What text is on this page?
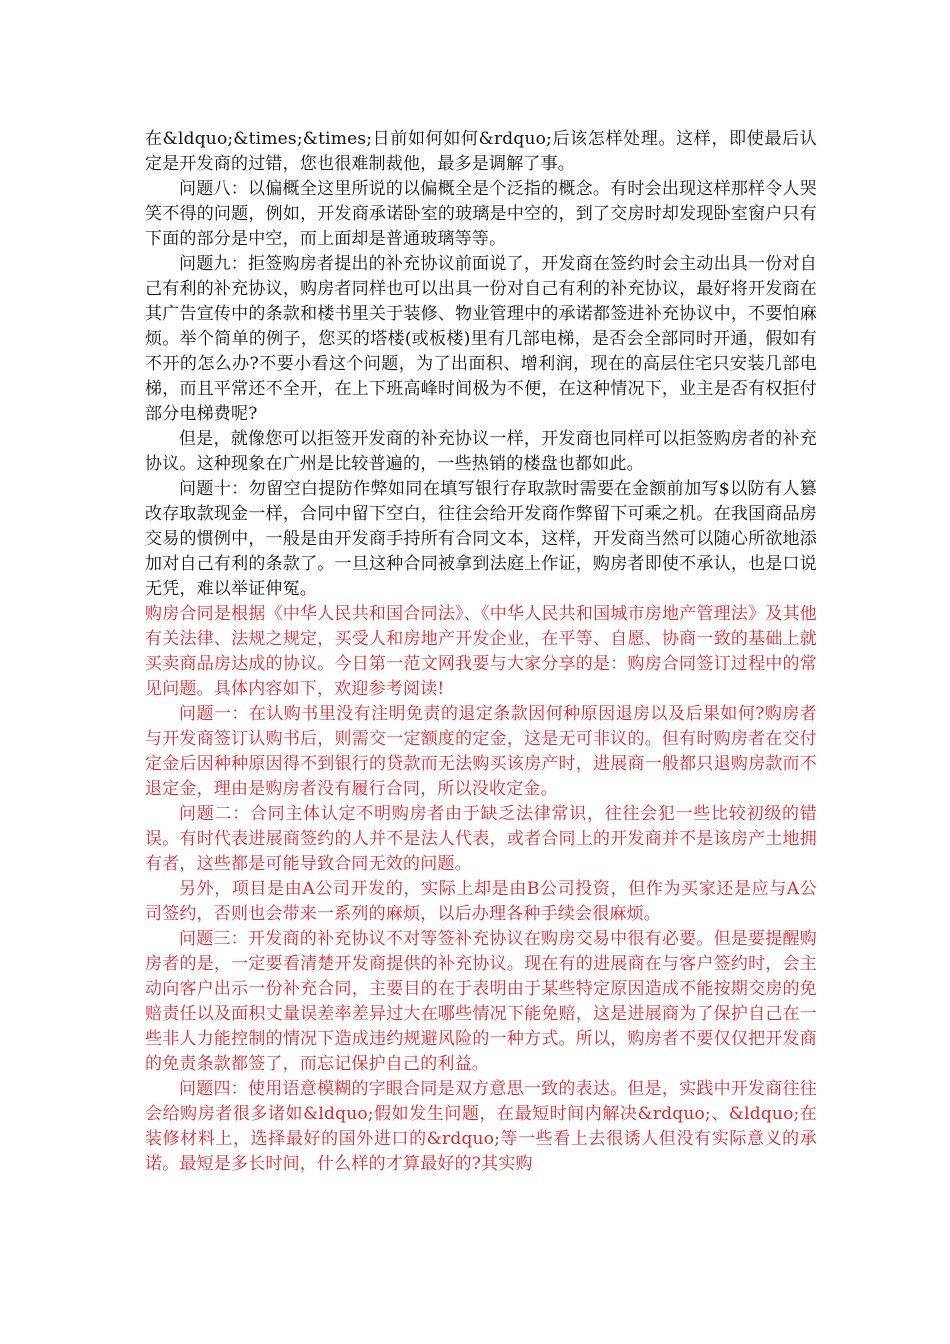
在&ldquo;&times;&times;日前如何如何&rdquo;后该怎样处理。这样，即使最后认定是开发商的过错，您也很难制裁他，最多是调解了事。

问题八：以偏概全这里所说的以偏概全是个泛指的概念。有时会出现这样那样令人哭笑不得的问题，例如，开发商承诺卧室的玻璃是中空的，到了交房时却发现卧室窗户只有下面的部分是中空，而上面却是普通玻璃等等。

问题九：拒签购房者提出的补充协议前面说了，开发商在签约时会主动出具一份对自己有利的补充协议，购房者同样也可以出具一份对自己有利的补充协议，最好将开发商在其广告宣传中的条款和楼书里关于装修、物业管理中的承诺都签进补充协议中，不要怕麻烦。举个简单的例子，您买的塔楼(或板楼)里有几部电梯，是否会全部同时开通，假如有不开的怎么办?不要小看这个问题，为了出面积、增利润，现在的高层住宅只安装几部电梯，而且平常还不全开，在上下班高峰时间极为不便，在这种情况下，业主是否有权拒付部分电梯费呢?

但是，就像您可以拒签开发商的补充协议一样，开发商也同样可以拒签购房者的补充协议。这种现象在广州是比较普遍的，一些热销的楼盘也都如此。

问题十：勿留空白提防作弊如同在填写银行存取款时需要在金额前加写$以防有人篡改存取款现金一样，合同中留下空白，往往会给开发商作弊留下可乘之机。在我国商品房交易的惯例中，一般是由开发商手持所有合同文本，这样，开发商当然可以随心所欲地添加对自己有利的条款了。一旦这种合同被拿到法庭上作证，购房者即使不承认，也是口说无凭，难以举证伸冤。

购房合同是根据《中华人民共和国合同法》、《中华人民共和国城市房地产管理法》及其他有关法律、法规之规定，买受人和房地产开发企业，在平等、自愿、协商一致的基础上就买卖商品房达成的协议。今日第一范文网我要与大家分享的是：购房合同签订过程中的常见问题。具体内容如下，欢迎参考阅读!

问题一：在认购书里没有注明免责的退定条款因何种原因退房以及后果如何?购房者与开发商签订认购书后，则需交一定额度的定金，这是无可非议的。但有时购房者在交付定金后因种种原因得不到银行的贷款而无法购买该房产时，进展商一般都只退购房款而不退定金，理由是购房者没有履行合同，所以没收定金。

问题二：合同主体认定不明购房者由于缺乏法律常识，往往会犯一些比较初级的错误。有时代表进展商签约的人并不是法人代表，或者合同上的开发商并不是该房产土地拥有者，这些都是可能导致合同无效的问题。

另外，项目是由A公司开发的，实际上却是由B公司投资，但作为买家还是应与A公司签约，否则也会带来一系列的麻烦，以后办理各种手续会很麻烦。

问题三：开发商的补充协议不对等签补充协议在购房交易中很有必要。但是要提醒购房者的是，一定要看清楚开发商提供的补充协议。现在有的进展商在与客户签约时，会主动向客户出示一份补充合同，主要目的在于表明由于某些特定原因造成不能按期交房的免赔责任以及面积丈量误差率差异过大在哪些情况下能免赔，这是进展商为了保护自己在一些非人力能控制的情况下造成违约规避风险的一种方式。所以，购房者不要仅仅把开发商的免责条款都签了，而忘记保护自己的利益。

问题四：使用语意模糊的字眼合同是双方意思一致的表达。但是，实践中开发商往往会给购房者很多诸如&ldquo;假如发生问题，在最短时间内解决&rdquo;、&ldquo;在装修材料上，选择最好的国外进口的&rdquo;等一些看上去很诱人但没有实际意义的承诺。最短是多长时间，什么样的才算最好的?其实购
